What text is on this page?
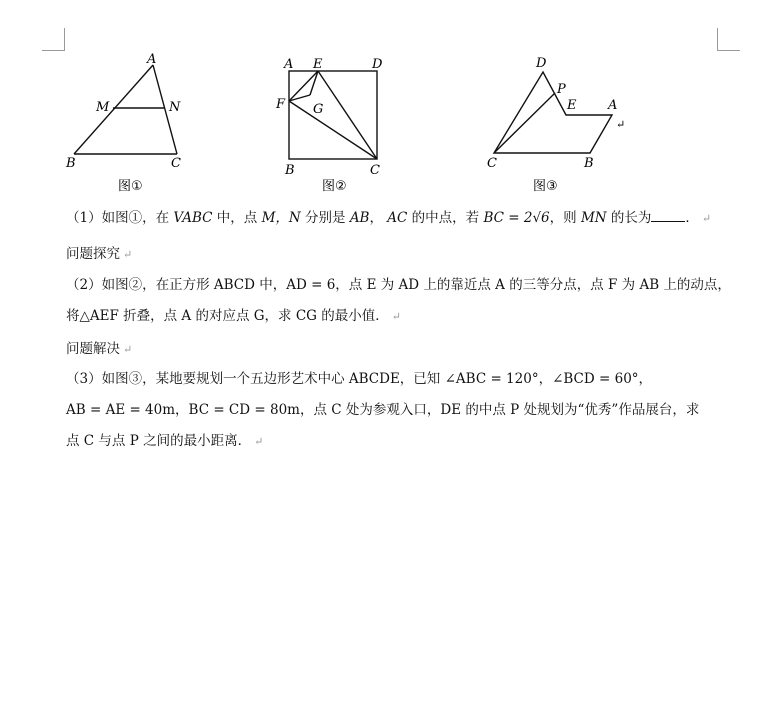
A
M	N
B	C
图①
A E	D
F G
B	C
图②
D
P
E A
↵
C	B
图③
（1）如图①，在 VABC 中，点 M，N 分别是 AB， AC 的中点，若 BC = 2√6，则 MN 的长为	． ↵
问题探究 ↵
（2）如图②，在正方形 ABCD 中，AD = 6，点 E 为 AD 上的靠近点 A 的三等分点，点 F 为 AB 上的动点，
将△AEF 折叠，点 A 的对应点 G，求 CG 的最小值． ↵
问题解决 ↵
（3）如图③，某地要规划一个五边形艺术中心 ABCDE，已知 ∠ABC = 120°，∠BCD = 60°，
AB = AE = 40m，BC = CD = 80m，点 C 处为参观入口，DE 的中点 P 处规划为“优秀”作品展台，求
点 C 与点 P 之间的最小距离． ↵
